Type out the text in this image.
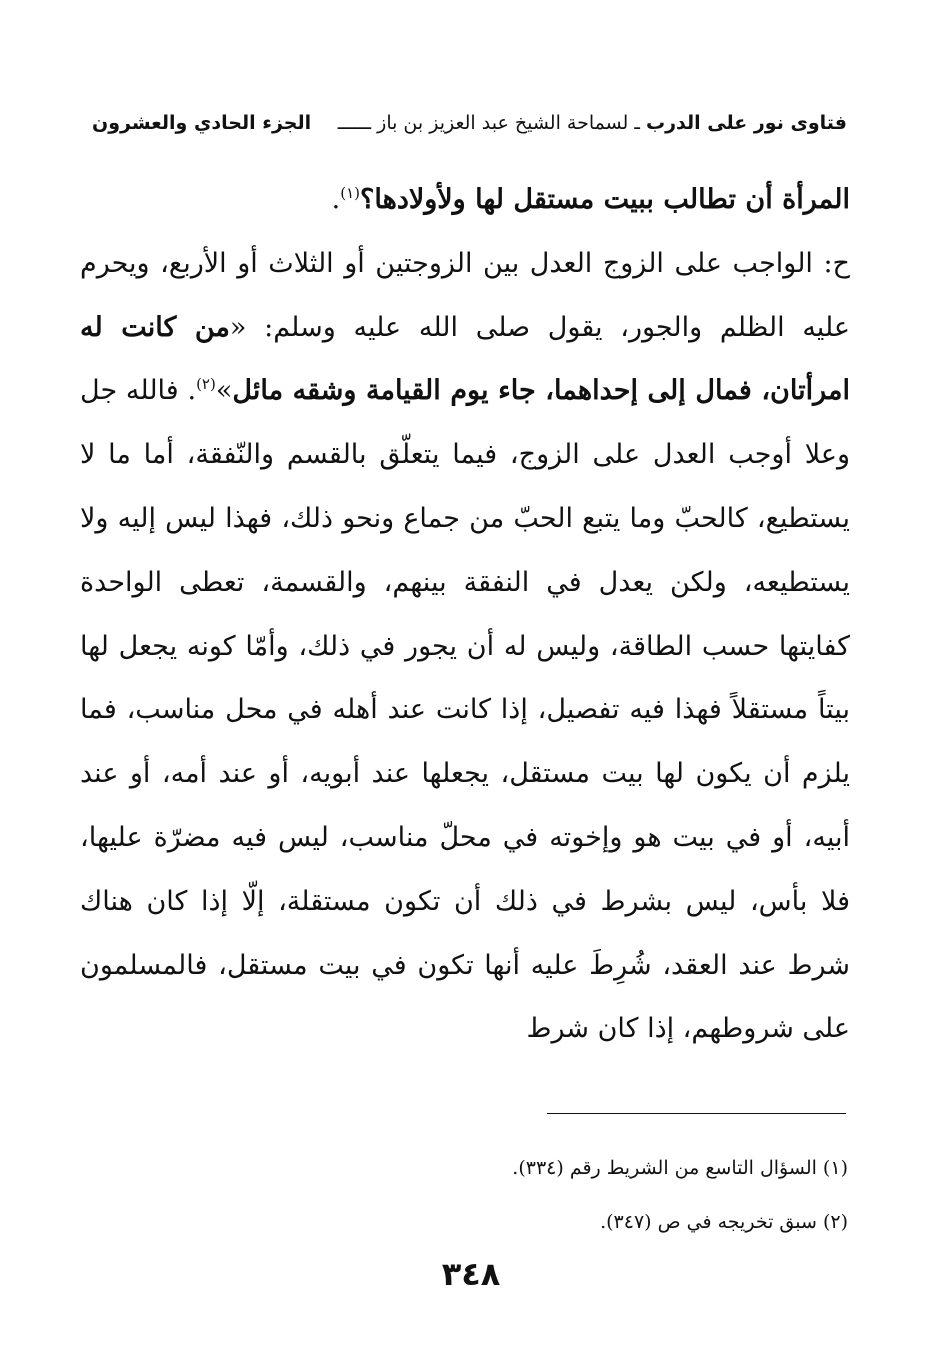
فتاوى نور على الدرب ـ لسماحة الشيخ عبد العزيز بن باز ــــــ
الجزء الحادي والعشرون

المرأة أن تطالب ببيت مستقل لها ولأولادها؟$^{(١)}$.

ح: الواجب على الزوج العدل بين الزوجتين أو الثلاث أو الأربع، ويحرم عليه الظلم والجور، يقول صلى الله عليه وسلم: «من كانت له امرأتان، فمال إلى إحداهما، جاء يوم القيامة وشقه مائل»$^{(٢)}$. فالله جل وعلا أوجب العدل على الزوج، فيما يتعلّق بالقسم والنّفقة، أما ما لا يستطيع، كالحبّ وما يتبع الحبّ من جماع ونحو ذلك، فهذا ليس إليه ولا يستطيعه، ولكن يعدل في النفقة بينهم، والقسمة، تعطى الواحدة كفايتها حسب الطاقة، وليس له أن يجور في ذلك، وأمّا كونه يجعل لها بيتاً مستقلاً فهذا فيه تفصيل، إذا كانت عند أهله في محل مناسب، فما يلزم أن يكون لها بيت مستقل، يجعلها عند أبويه، أو عند أمه، أو عند أبيه، أو في بيت هو وإخوته في محلّ مناسب، ليس فيه مضرّة عليها، فلا بأس، ليس بشرط في ذلك أن تكون مستقلة، إلّا إذا كان هناك شرط عند العقد، شُرِطَ عليه أنها تكون في بيت مستقل، فالمسلمون على شروطهم، إذا كان شرط

(١) السؤال التاسع من الشريط رقم (٣٣٤).
(٢) سبق تخريجه في ص (٣٤٧).
٣٤٨
